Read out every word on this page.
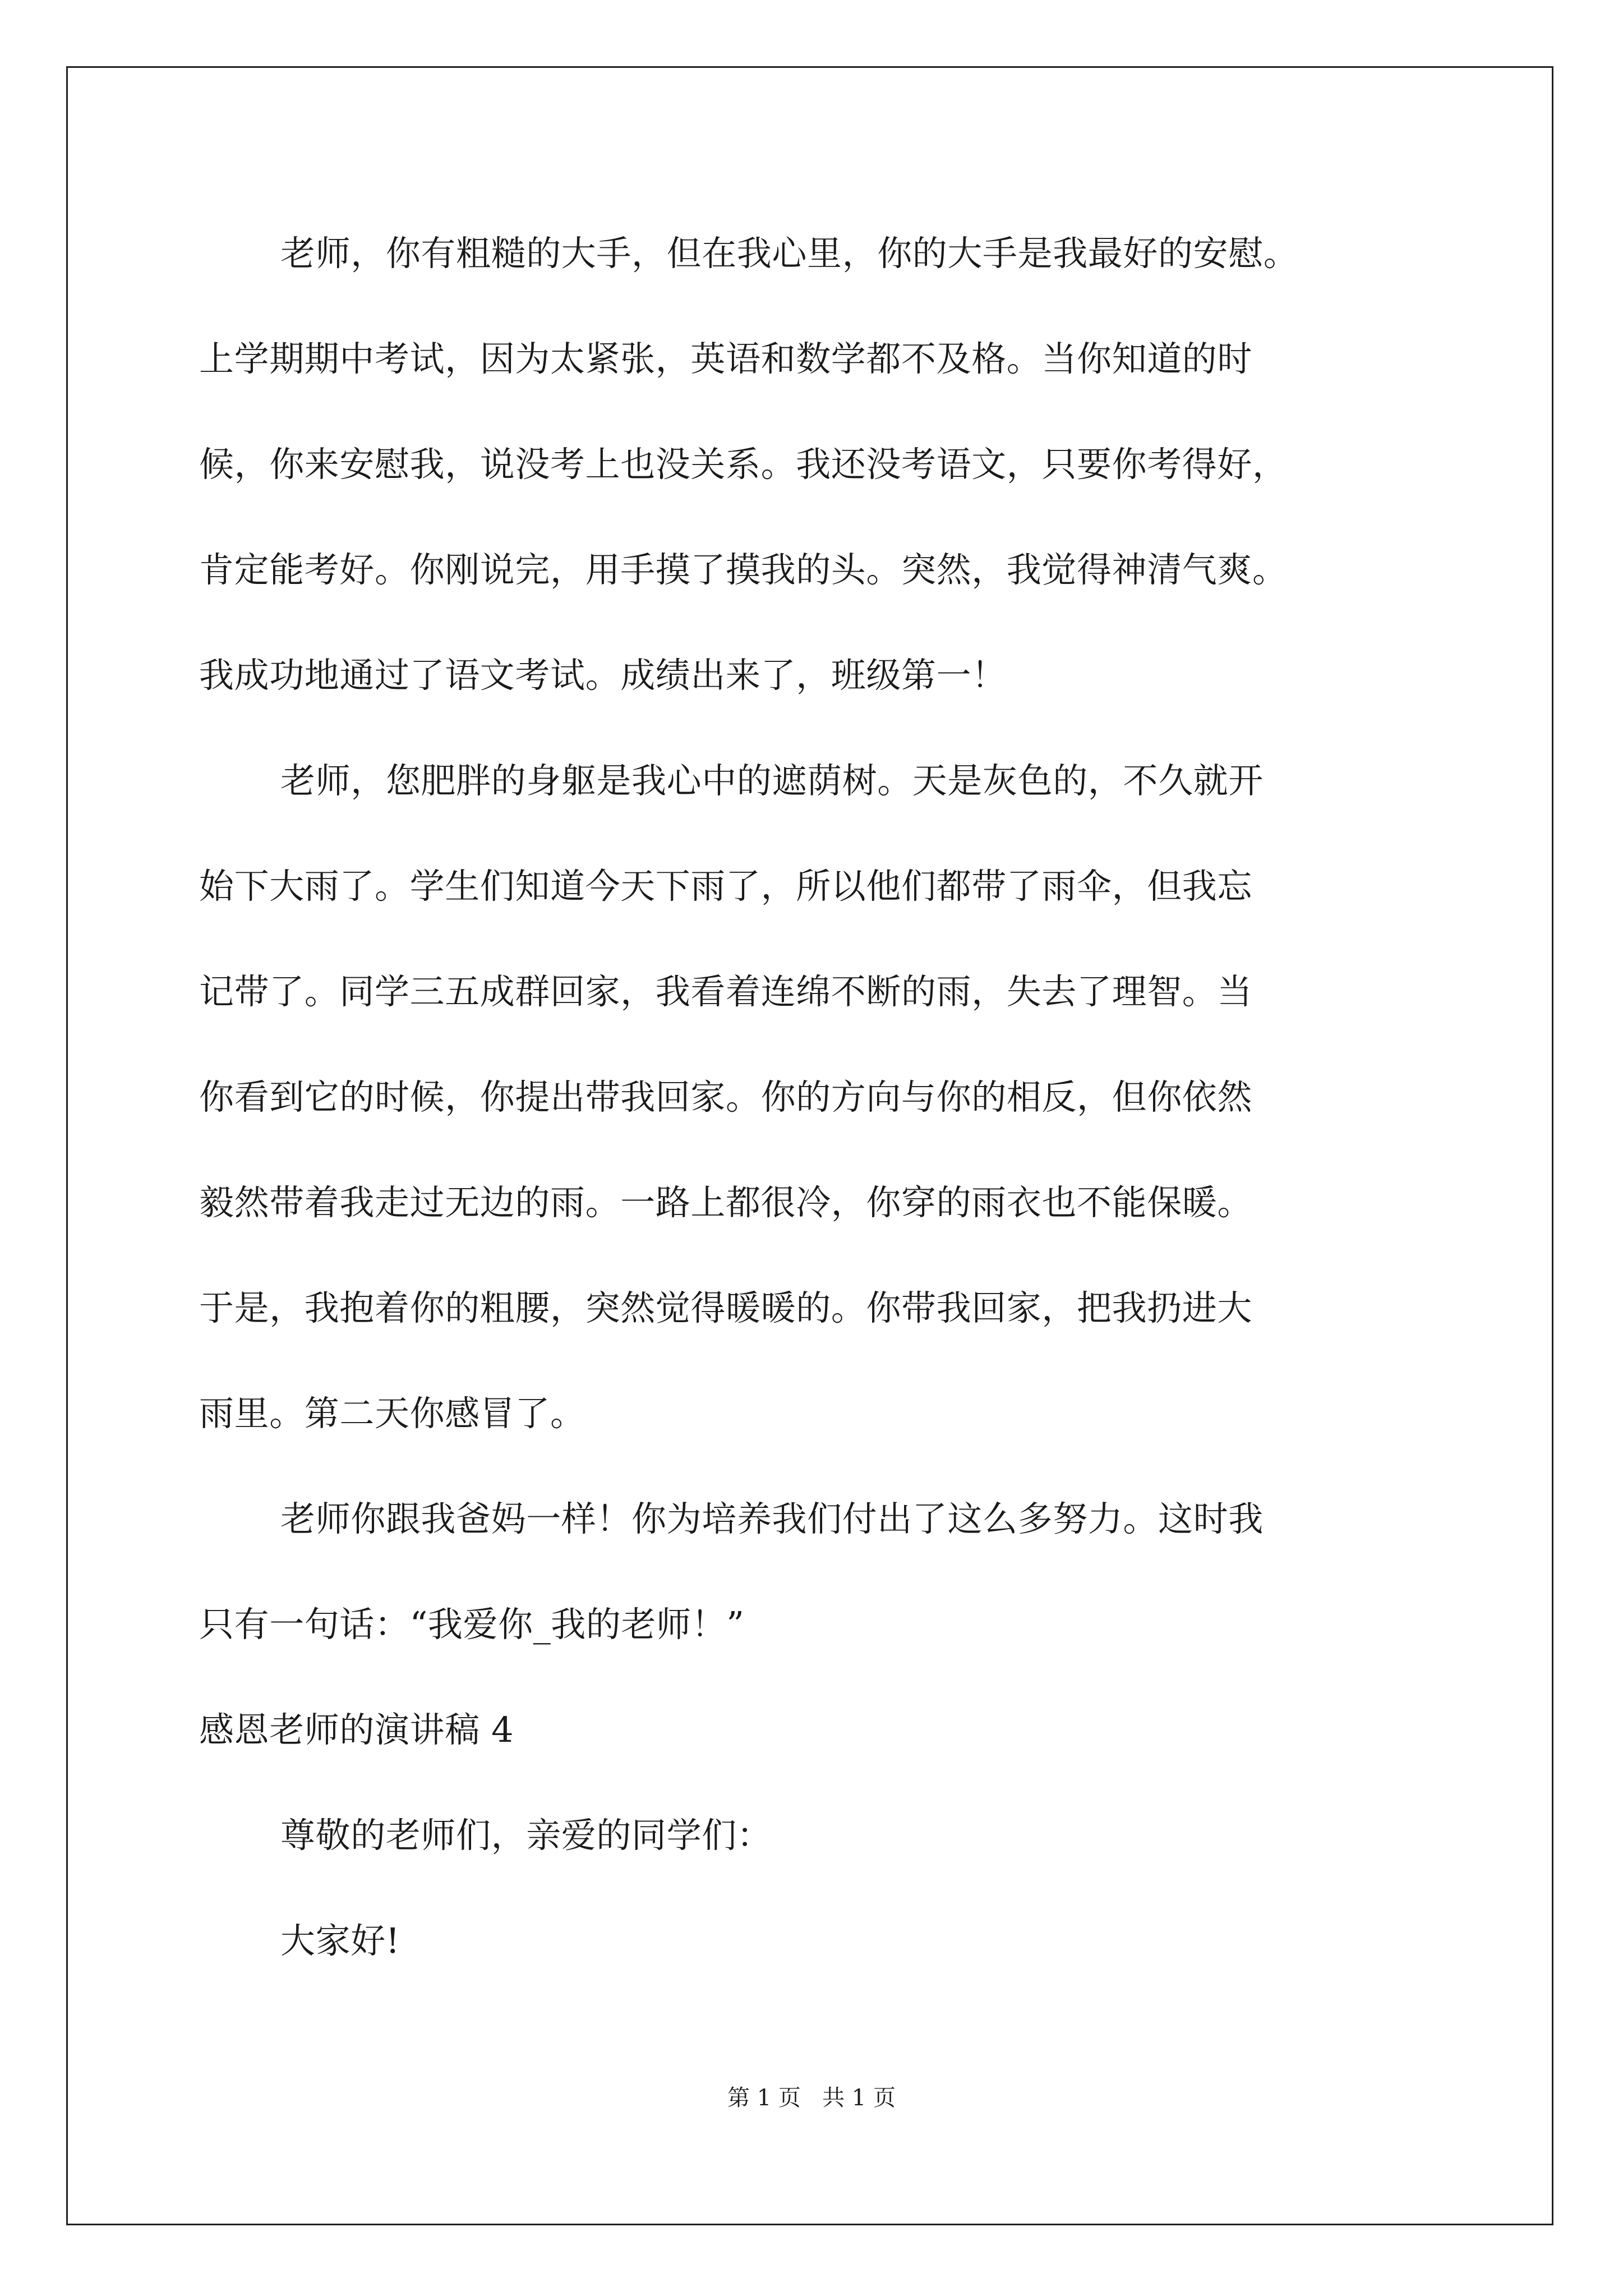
老师，你有粗糙的大手，但在我心里，你的大手是我最好的安慰。
上学期期中考试，因为太紧张，英语和数学都不及格。当你知道的时
候，你来安慰我，说没考上也没关系。我还没考语文，只要你考得好，
肯定能考好。你刚说完，用手摸了摸我的头。突然，我觉得神清气爽。
我成功地通过了语文考试。成绩出来了，班级第一！
老师，您肥胖的身躯是我心中的遮荫树。天是灰色的，不久就开
始下大雨了。学生们知道今天下雨了，所以他们都带了雨伞，但我忘
记带了。同学三五成群回家，我看着连绵不断的雨，失去了理智。当
你看到它的时候，你提出带我回家。你的方向与你的相反，但你依然
毅然带着我走过无边的雨。一路上都很冷，你穿的雨衣也不能保暖。
于是，我抱着你的粗腰，突然觉得暖暖的。你带我回家，把我扔进大
雨里。第二天你感冒了。
老师你跟我爸妈一样！你为培养我们付出了这么多努力。这时我
只有一句话：“我爱你_我的老师！”
感恩老师的演讲稿 4
尊敬的老师们，亲爱的同学们：
大家好!
第 1 页   共 1 页
